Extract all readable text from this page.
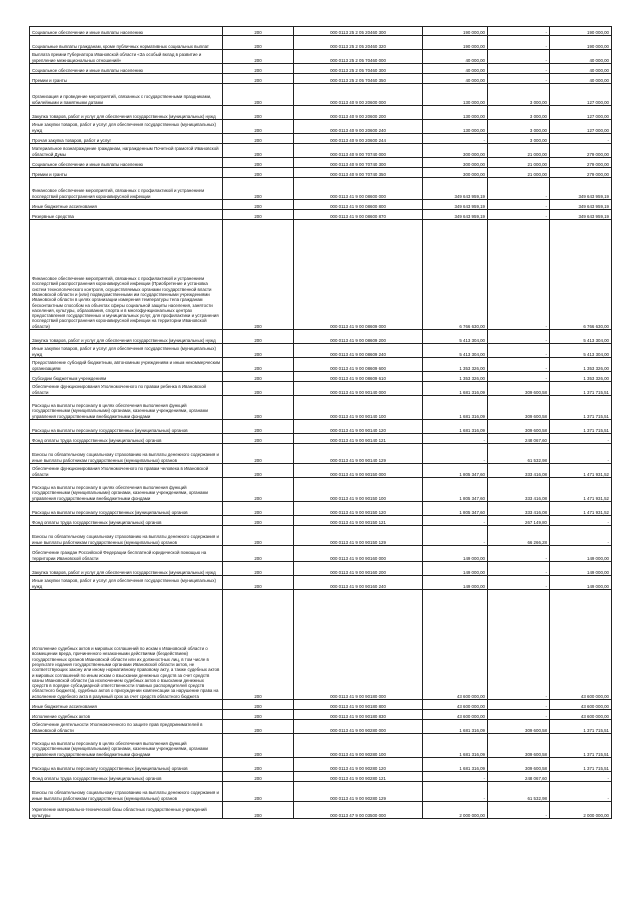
Социальное обеспечение и иные выплаты населению	200	000 0113 25 2 05 20460 300	190 000,00	-	190 000,00
Социальные выплаты гражданам, кроме публичных нормативных социальных выплат	200	000 0113 25 2 05 20460 320	190 000,00	-	190 000,00
Выплата премии Губернатора Ивановской области «За особый вклад в развитие и укрепление межнациональных отношений»	200	000 0113 25 2 05 70460 000	40 000,00	-	40 000,00
Социальное обеспечение и иные выплаты населению	200	000 0113 25 2 05 70460 300	40 000,00	-	40 000,00
Премии и гранты	200	000 0113 25 2 05 70460 350	40 000,00	-	40 000,00
Организация и проведение мероприятий, связанных с государственными праздниками, юбилейными и памятными датами	200	000 0113 40 9 00 20600 000	130 000,00	3 000,00	127 000,00
Закупка товаров, работ и услуг для обеспечения государственных (муниципальных) нужд	200	000 0113 40 9 00 20600 200	130 000,00	3 000,00	127 000,00
Иные закупки товаров, работ и услуг для обеспечения государственных (муниципальных) нужд	200	000 0113 40 9 00 20600 240	130 000,00	3 000,00	127 000,00
Прочая закупка товаров, работ и услуг	200	000 0113 40 9 00 20600 244	-	3 000,00	-
Материальное вознаграждение гражданам, награжденным Почетной грамотой Ивановской областной Думы	200	000 0113 40 9 00 70740 000	300 000,00	21 000,00	279 000,00
Социальное обеспечение и иные выплаты населению	200	000 0113 40 9 00 70740 300	300 000,00	21 000,00	279 000,00
Премии и гранты	200	000 0113 40 9 00 70740 350	300 000,00	21 000,00	279 000,00
Финансовое обеспечение мероприятий, связанных с профилактикой и устранением последствий распространения коронавирусной инфекции	200	000 0113 41 9 00 08600 000	349 643 959,19	-	349 643 959,19
Иные бюджетные ассигнования	200	000 0113 41 9 00 08600 800	349 643 959,19	-	349 643 959,19
Резервные средства	200	000 0113 41 9 00 08600 870	349 643 959,19	-	349 643 959,19
Финансовое обеспечение мероприятий, связанных с профилактикой и устранением последствий распространения коронавирусной инфекции (Приобретение и установка систем технологического контроля, осуществляемых органами государственной власти Ивановской области и (или) подведомственными им государственными учреждениями Ивановской области в целях организации измерения температуры тела гражданам бесконтактным способом на объектах сферы социальной защиты населения, занятости населения, культуры, образования, спорта и в многофункциональных центрах предоставления государственных и муниципальных услуг, для профилактики и устранения последствий распространения коронавирусной инфекции на территории Ивановской области)	200	000 0113 41 9 00 08609 000	6 766 630,00	-	6 766 630,00
Закупка товаров, работ и услуг для обеспечения государственных (муниципальных) нужд	200	000 0113 41 9 00 08609 200	5 413 304,00	-	5 413 304,00
Иные закупки товаров, работ и услуг для обеспечения государственных (муниципальных) нужд	200	000 0113 41 9 00 08609 240	5 413 304,00	-	5 413 304,00
Предоставление субсидий бюджетным, автономным учреждениям и иным некоммерческим организациям	200	000 0113 41 9 00 08609 600	1 353 326,00	-	1 353 326,00
Субсидии бюджетным учреждениям	200	000 0113 41 9 00 08609 610	1 353 326,00	-	1 353 326,00
Обеспечение функционирования Уполномоченного по правам ребенка в Ивановской области	200	000 0113 41 9 00 90140 000	1 681 316,09	309 600,58	1 371 715,51
Расходы на выплаты персоналу в целях обеспечения выполнения функций государственными (муниципальными) органами, казенными учреждениями, органами управления государственными внебюджетными фондами	200	000 0113 41 9 00 90140 100	1 681 316,09	309 600,58	1 371 715,51
Расходы на выплаты персоналу государственных (муниципальных) органов	200	000 0113 41 9 00 90140 120	1 681 316,09	309 600,58	1 371 715,51
Фонд оплаты труда государственных (муниципальных) органов	200	000 0113 41 9 00 90140 121	-	248 067,60	-
Взносы по обязательному социальному страхованию на выплаты денежного содержания и иные выплаты работникам государственных (муниципальных) органов	200	000 0113 41 9 00 90140 129	-	61 532,98	-
Обеспечение функционирования Уполномоченного по правам человека в Ивановской области	200	000 0113 41 9 00 90150 000	1 805 347,60	333 416,08	1 471 931,52
Расходы на выплаты персоналу в целях обеспечения выполнения функций государственными (муниципальными) органами, казенными учреждениями, органами управления государственными внебюджетными фондами	200	000 0113 41 9 00 90150 100	1 805 347,60	333 416,08	1 471 931,52
Расходы на выплаты персоналу государственных (муниципальных) органов	200	000 0113 41 9 00 90150 120	1 805 347,60	333 416,08	1 471 931,52
Фонд оплаты труда государственных (муниципальных) органов	200	000 0113 41 9 00 90150 121	-	267 149,80	-
Взносы по обязательному социальному страхованию на выплаты денежного содержания и иные выплаты работникам государственных (муниципальных) органов	200	000 0113 41 9 00 90150 129	-	66 266,28	-
Обеспечение граждан Российской Федерации бесплатной юридической помощью на территории Ивановской области	200	000 0113 41 9 00 90160 000	149 000,00	-	149 000,00
Закупка товаров, работ и услуг для обеспечения государственных (муниципальных) нужд	200	000 0113 41 9 00 90160 200	149 000,00	-	149 000,00
Иные закупки товаров, работ и услуг для обеспечения государственных (муниципальных) нужд	200	000 0113 41 9 00 90160 240	149 000,00	-	149 000,00
Исполнение судебных актов и мировых соглашений по искам к Ивановской области о возмещении вреда, причиненного незаконными действиями (бездействием) государственных органов Ивановской области или их должностных лиц, в том числе в результате издания государственными органами Ивановской области актов, не соответствующих закону или иному нормативному правовому акту, а также судебных актов и мировых соглашений по иным искам о взыскании денежных средств за счет средств казны Ивановской области (за исключением судебных актов о взыскании денежных средств в порядке субсидиарной ответственности главных распорядителей средств областного бюджета), судебных актов о присуждении компенсации за нарушение права на исполнение судебного акта в разумный срок за счет средств областного бюджета	200	000 0113 41 9 00 90180 000	43 600 000,00	-	43 600 000,00
Иные бюджетные ассигнования	200	000 0113 41 9 00 90180 800	43 600 000,00	-	43 600 000,00
Исполнение судебных актов	200	000 0113 41 9 00 90180 830	43 600 000,00	-	43 600 000,00
Обеспечение деятельности Уполномоченного по защите прав предпринимателей в Ивановской области	200	000 0113 41 9 00 90280 000	1 681 316,09	309 600,58	1 371 715,51
Расходы на выплаты персоналу в целях обеспечения выполнения функций государственными (муниципальными) органами, казенными учреждениями, органами управления государственными внебюджетными фондами	200	000 0113 41 9 00 90280 100	1 681 316,09	309 600,58	1 371 715,51
Расходы на выплаты персоналу государственных (муниципальных) органов	200	000 0113 41 9 00 90280 120	1 681 316,09	309 600,58	1 371 715,51
Фонд оплаты труда государственных (муниципальных) органов	200	000 0113 41 9 00 90280 121	-	248 067,60	-
Взносы по обязательному социальному страхованию на выплаты денежного содержания и иные выплаты работникам государственных (муниципальных) органов	200	000 0113 41 9 00 90280 129	-	61 532,98	-
Укрепление материально-технической базы областных государственных учреждений культуры	200	000 0113 47 9 00 03500 000	2 000 000,00	-	2 000 000,00
